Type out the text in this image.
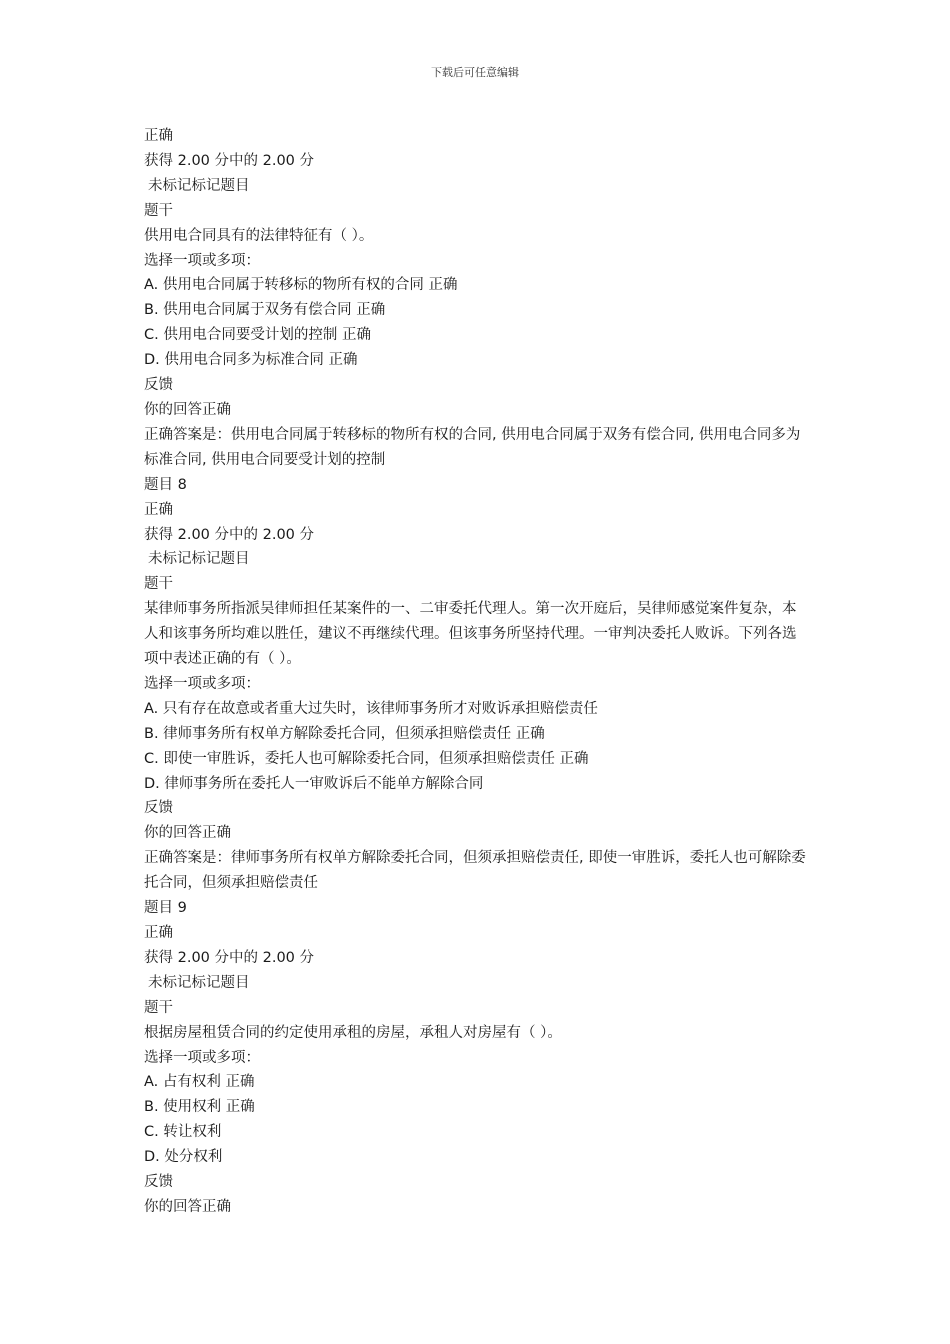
下载后可任意编辑
正确
获得 2.00 分中的 2.00 分
未标记标记题目
题干
供用电合同具有的法律特征有（ ）。
选择一项或多项：
A. 供用电合同属于转移标的物所有权的合同 正确
B. 供用电合同属于双务有偿合同 正确
C. 供用电合同要受计划的控制 正确
D. 供用电合同多为标准合同 正确
反馈
你的回答正确
正确答案是：供用电合同属于转移标的物所有权的合同, 供用电合同属于双务有偿合同, 供用电合同多为标准合同, 供用电合同要受计划的控制
题目 8
正确
获得 2.00 分中的 2.00 分
未标记标记题目
题干
某律师事务所指派吴律师担任某案件的一、二审委托代理人。第一次开庭后，吴律师感觉案件复杂，本人和该事务所均难以胜任，建议不再继续代理。但该事务所坚持代理。一审判决委托人败诉。下列各选项中表述正确的有（ ）。
选择一项或多项：
A. 只有存在故意或者重大过失时，该律师事务所才对败诉承担赔偿责任
B. 律师事务所有权单方解除委托合同，但须承担赔偿责任 正确
C. 即使一审胜诉，委托人也可解除委托合同，但须承担赔偿责任 正确
D. 律师事务所在委托人一审败诉后不能单方解除合同
反馈
你的回答正确
正确答案是：律师事务所有权单方解除委托合同，但须承担赔偿责任, 即使一审胜诉，委托人也可解除委托合同，但须承担赔偿责任
题目 9
正确
获得 2.00 分中的 2.00 分
未标记标记题目
题干
根据房屋租赁合同的约定使用承租的房屋，承租人对房屋有（ ）。
选择一项或多项：
A. 占有权利 正确
B. 使用权利 正确
C. 转让权利
D. 处分权利
反馈
你的回答正确
